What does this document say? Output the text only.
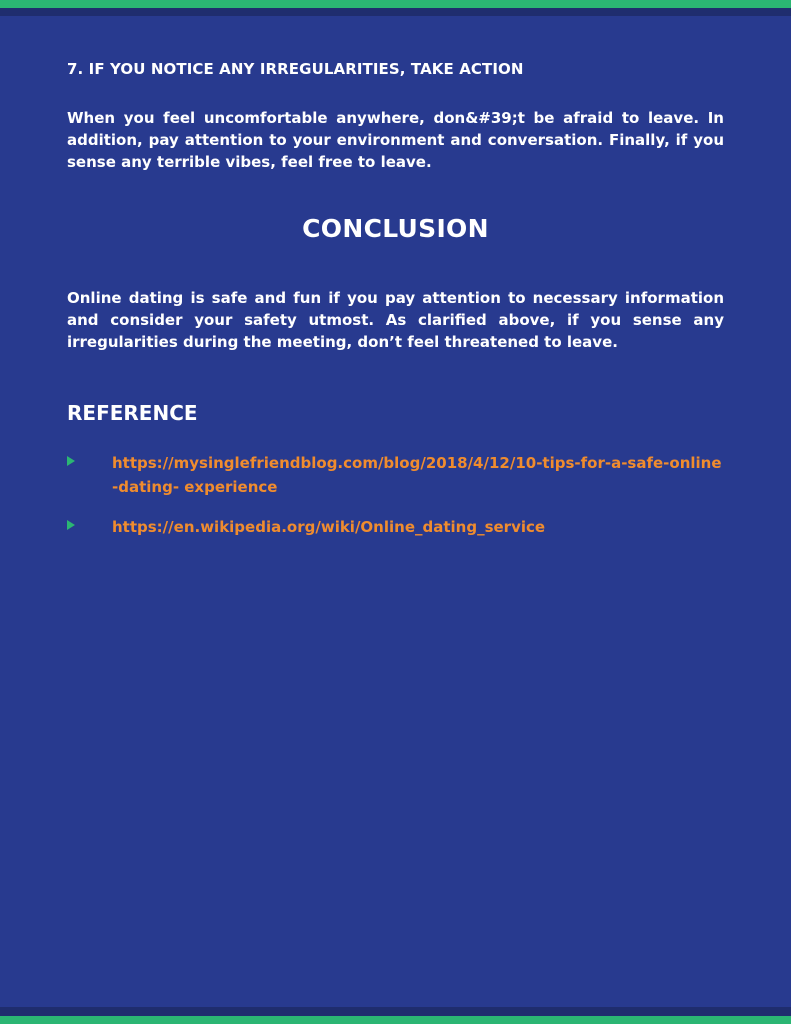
7. IF YOU NOTICE ANY IRREGULARITIES, TAKE ACTION

When you feel uncomfortable anywhere, don&#39;t be afraid to leave. In addition, pay attention to your environment and conversation. Finally, if you sense any terrible vibes, feel free to leave.

CONCLUSION

Online dating is safe and fun if you pay attention to necessary information and consider your safety utmost. As clarified above, if you sense any irregularities during the meeting, don’t feel threatened to leave.

REFERENCE
https://mysinglefriendblog.com/blog/2018/4/12/10-tips-for-a-safe-online-dating- experience
https://en.wikipedia.org/wiki/Online_dating_service
